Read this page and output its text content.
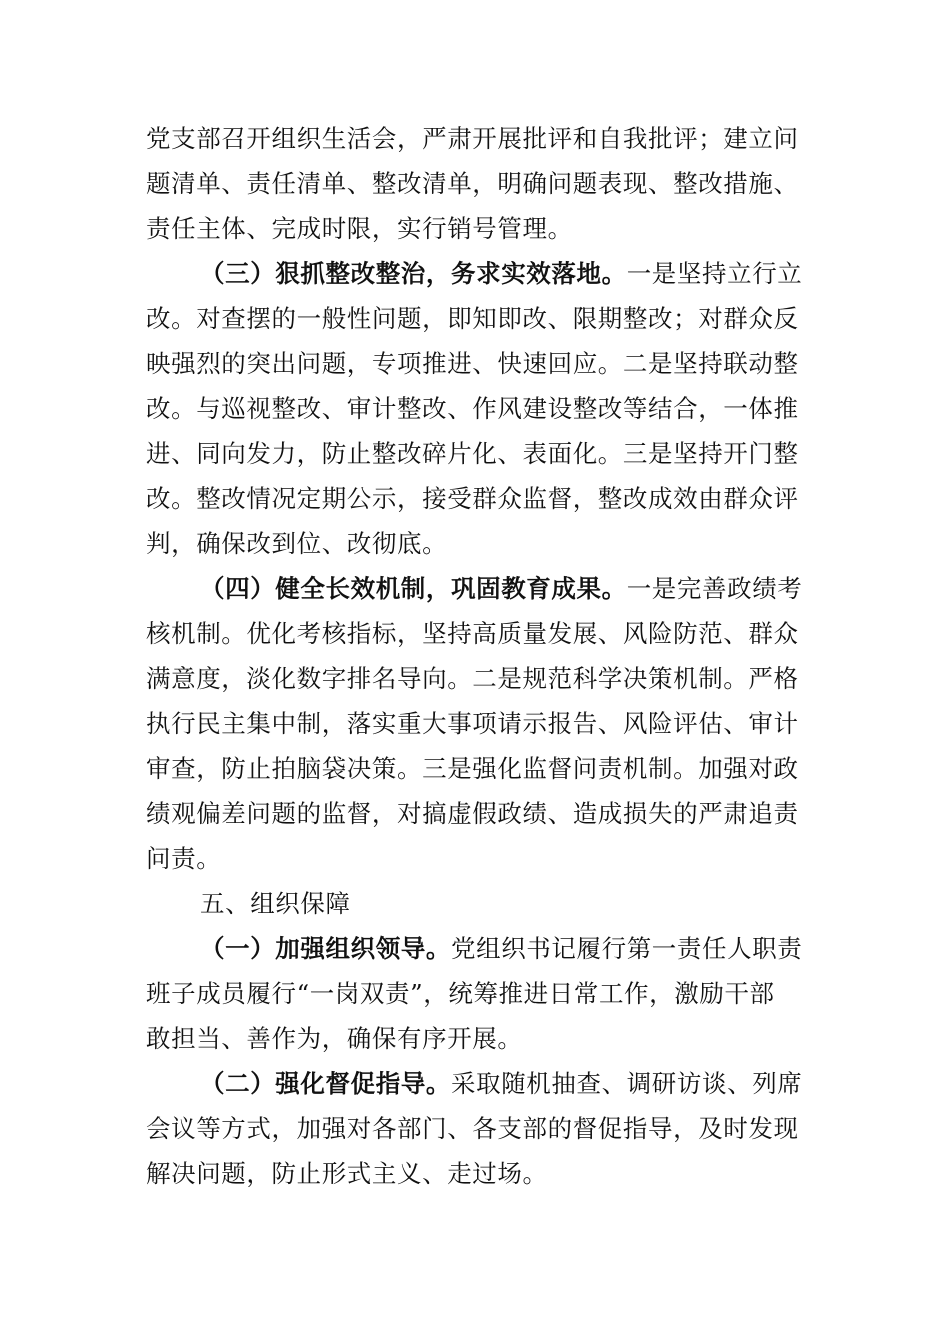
党支部召开组织生活会，严肃开展批评和自我批评；建立问
题清单、责任清单、整改清单，明确问题表现、整改措施、
责任主体、完成时限，实行销号管理。
（三）狠抓整改整治，务求实效落地。一是坚持立行立
改。对查摆的一般性问题，即知即改、限期整改；对群众反
映强烈的突出问题，专项推进、快速回应。二是坚持联动整
改。与巡视整改、审计整改、作风建设整改等结合，一体推
进、同向发力，防止整改碎片化、表面化。三是坚持开门整
改。整改情况定期公示，接受群众监督，整改成效由群众评
判，确保改到位、改彻底。
（四）健全长效机制，巩固教育成果。一是完善政绩考
核机制。优化考核指标，坚持高质量发展、风险防范、群众
满意度，淡化数字排名导向。二是规范科学决策机制。严格
执行民主集中制，落实重大事项请示报告、风险评估、审计
审查，防止拍脑袋决策。三是强化监督问责机制。加强对政
绩观偏差问题的监督，对搞虚假政绩、造成损失的严肃追责
问责。
五、组织保障
（一）加强组织领导。党组织书记履行第一责任人职责
班子成员履行“一岗双责”，统筹推进日常工作，激励干部
敢担当、善作为，确保有序开展。
（二）强化督促指导。采取随机抽查、调研访谈、列席
会议等方式，加强对各部门、各支部的督促指导，及时发现
解决问题，防止形式主义、走过场。
